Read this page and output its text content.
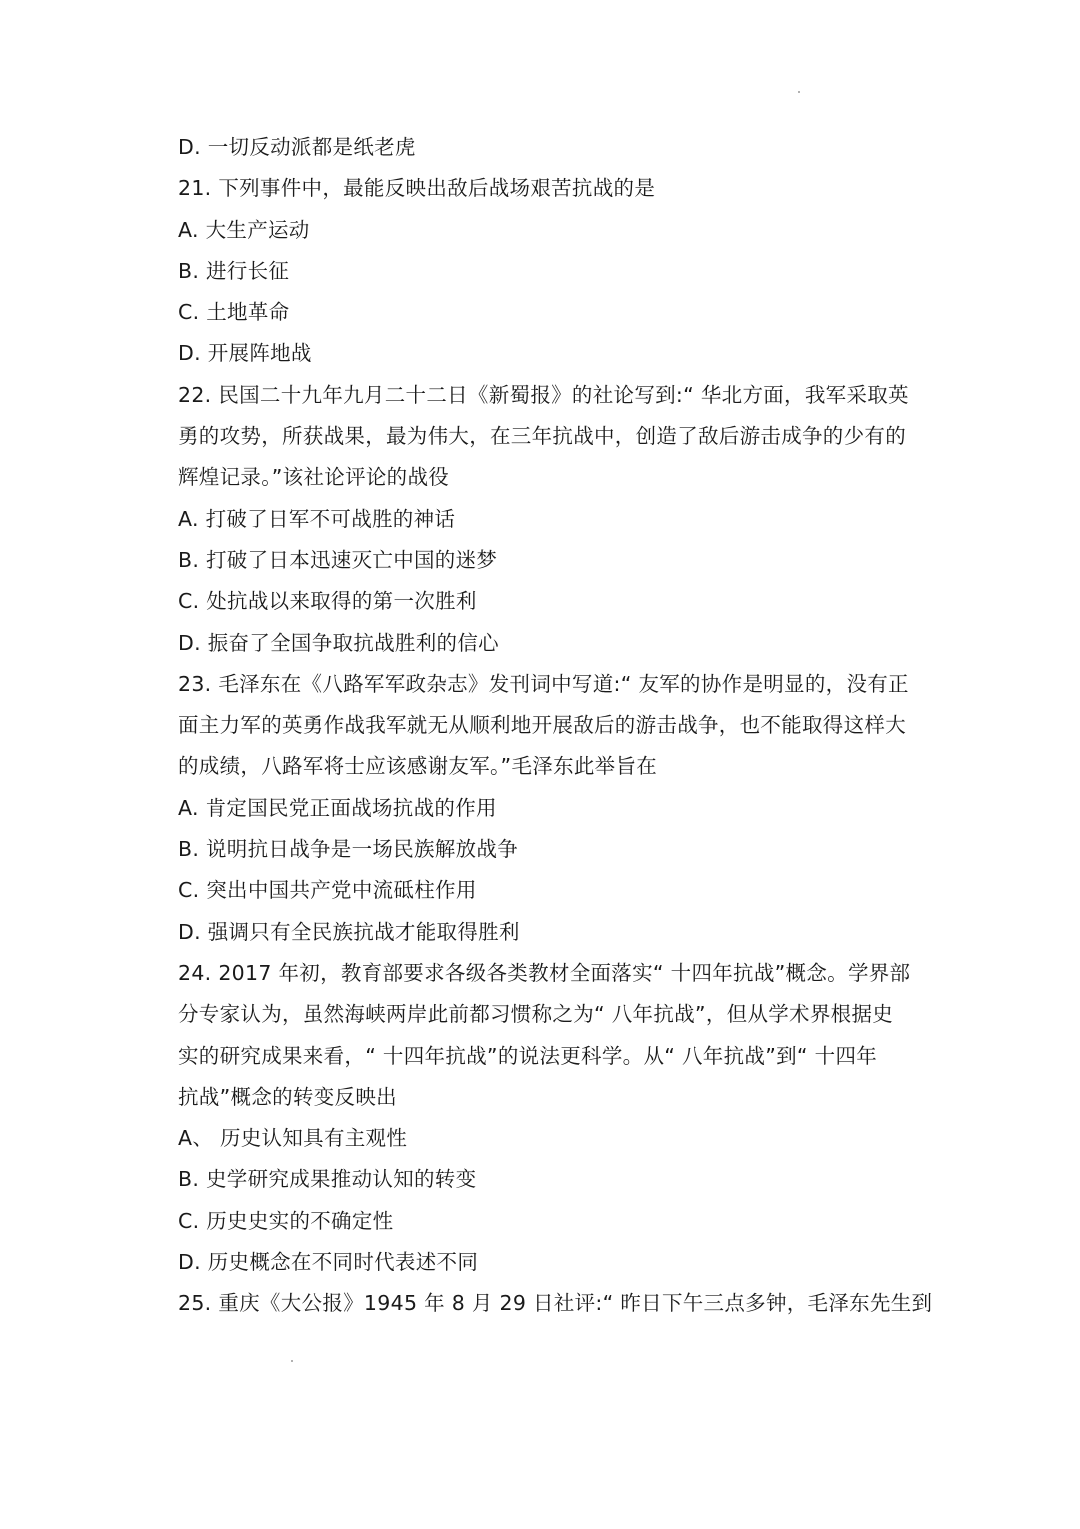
D. 一切反动派都是纸老虎
21. 下列事件中，最能反映出敌后战场艰苦抗战的是
A. 大生产运动
B. 进行长征
C. 土地革命
D. 开展阵地战
22. 民国二十九年九月二十二日《新蜀报》的社论写到:“ 华北方面，我军采取英
勇的攻势，所获战果，最为伟大，在三年抗战中，创造了敌后游击成争的少有的
辉煌记录。”该社论评论的战役
A. 打破了日军不可战胜的神话
B. 打破了日本迅速灭亡中国的迷梦
C. 处抗战以来取得的第一次胜利
D. 振奋了全国争取抗战胜利的信心
23. 毛泽东在《八路军军政杂志》发刊词中写道:“ 友军的协作是明显的，没有正
面主力军的英勇作战我军就无从顺利地开展敌后的游击战争，也不能取得这样大
的成绩，八路军将士应该感谢友军。”毛泽东此举旨在
A. 肯定国民党正面战场抗战的作用
B. 说明抗日战争是一场民族解放战争
C. 突出中国共产党中流砥柱作用
D. 强调只有全民族抗战才能取得胜利
24. 2017 年初，教育部要求各级各类教材全面落实“ 十四年抗战”概念。学界部
分专家认为，虽然海峡两岸此前都习惯称之为“ 八年抗战”，但从学术界根据史
实的研究成果来看，“ 十四年抗战”的说法更科学。从“ 八年抗战”到“ 十四年
抗战”概念的转变反映出
A、 历史认知具有主观性
B. 史学研究成果推动认知的转变
C. 历史史实的不确定性
D. 历史概念在不同时代表述不同
25. 重庆《大公报》1945 年 8 月 29 日社评:“ 昨日下午三点多钟，毛泽东先生到
